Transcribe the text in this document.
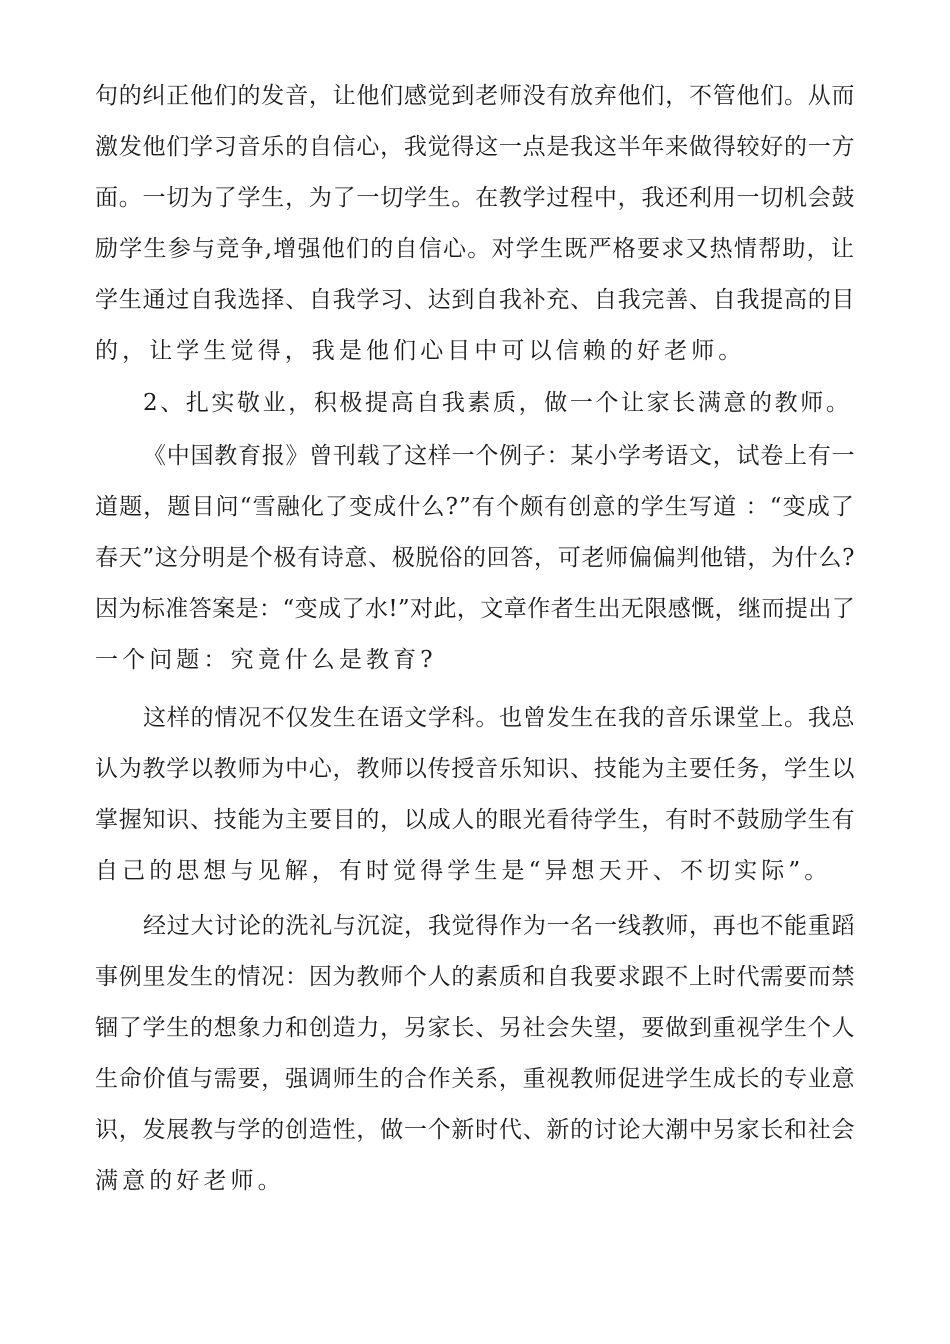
句的纠正他们的发音，让他们感觉到老师没有放弃他们，不管他们。从而
激发他们学习音乐的自信心，我觉得这一点是我这半年来做得较好的一方
面。一切为了学生，为了一切学生。在教学过程中，我还利用一切机会鼓
励学生参与竞争,增强他们的自信心。对学生既严格要求又热情帮助，让
学生通过自我选择、自我学习、达到自我补充、自我完善、自我提高的目
的，让学生觉得，我是他们心目中可以信赖的好老师。
2、扎实敬业，积极提高自我素质，做一个让家长满意的教师。
《中国教育报》曾刊载了这样一个例子：某小学考语文，试卷上有一
道题，题目问“雪融化了变成什么?”有个颇有创意的学生写道 ：“变成了
春天”这分明是个极有诗意、极脱俗的回答，可老师偏偏判他错，为什么?
因为标准答案是：“变成了水!”对此，文章作者生出无限感慨，继而提出了
一个问题：究竟什么是教育?
这样的情况不仅发生在语文学科。也曾发生在我的音乐课堂上。我总
认为教学以教师为中心，教师以传授音乐知识、技能为主要任务，学生以
掌握知识、技能为主要目的，以成人的眼光看待学生，有时不鼓励学生有
自己的思想与见解，有时觉得学生是“异想天开、不切实际”。
经过大讨论的洗礼与沉淀，我觉得作为一名一线教师，再也不能重蹈
事例里发生的情况：因为教师个人的素质和自我要求跟不上时代需要而禁
锢了学生的想象力和创造力，另家长、另社会失望，要做到重视学生个人
生命价值与需要，强调师生的合作关系，重视教师促进学生成长的专业意
识，发展教与学的创造性，做一个新时代、新的讨论大潮中另家长和社会
满意的好老师。
